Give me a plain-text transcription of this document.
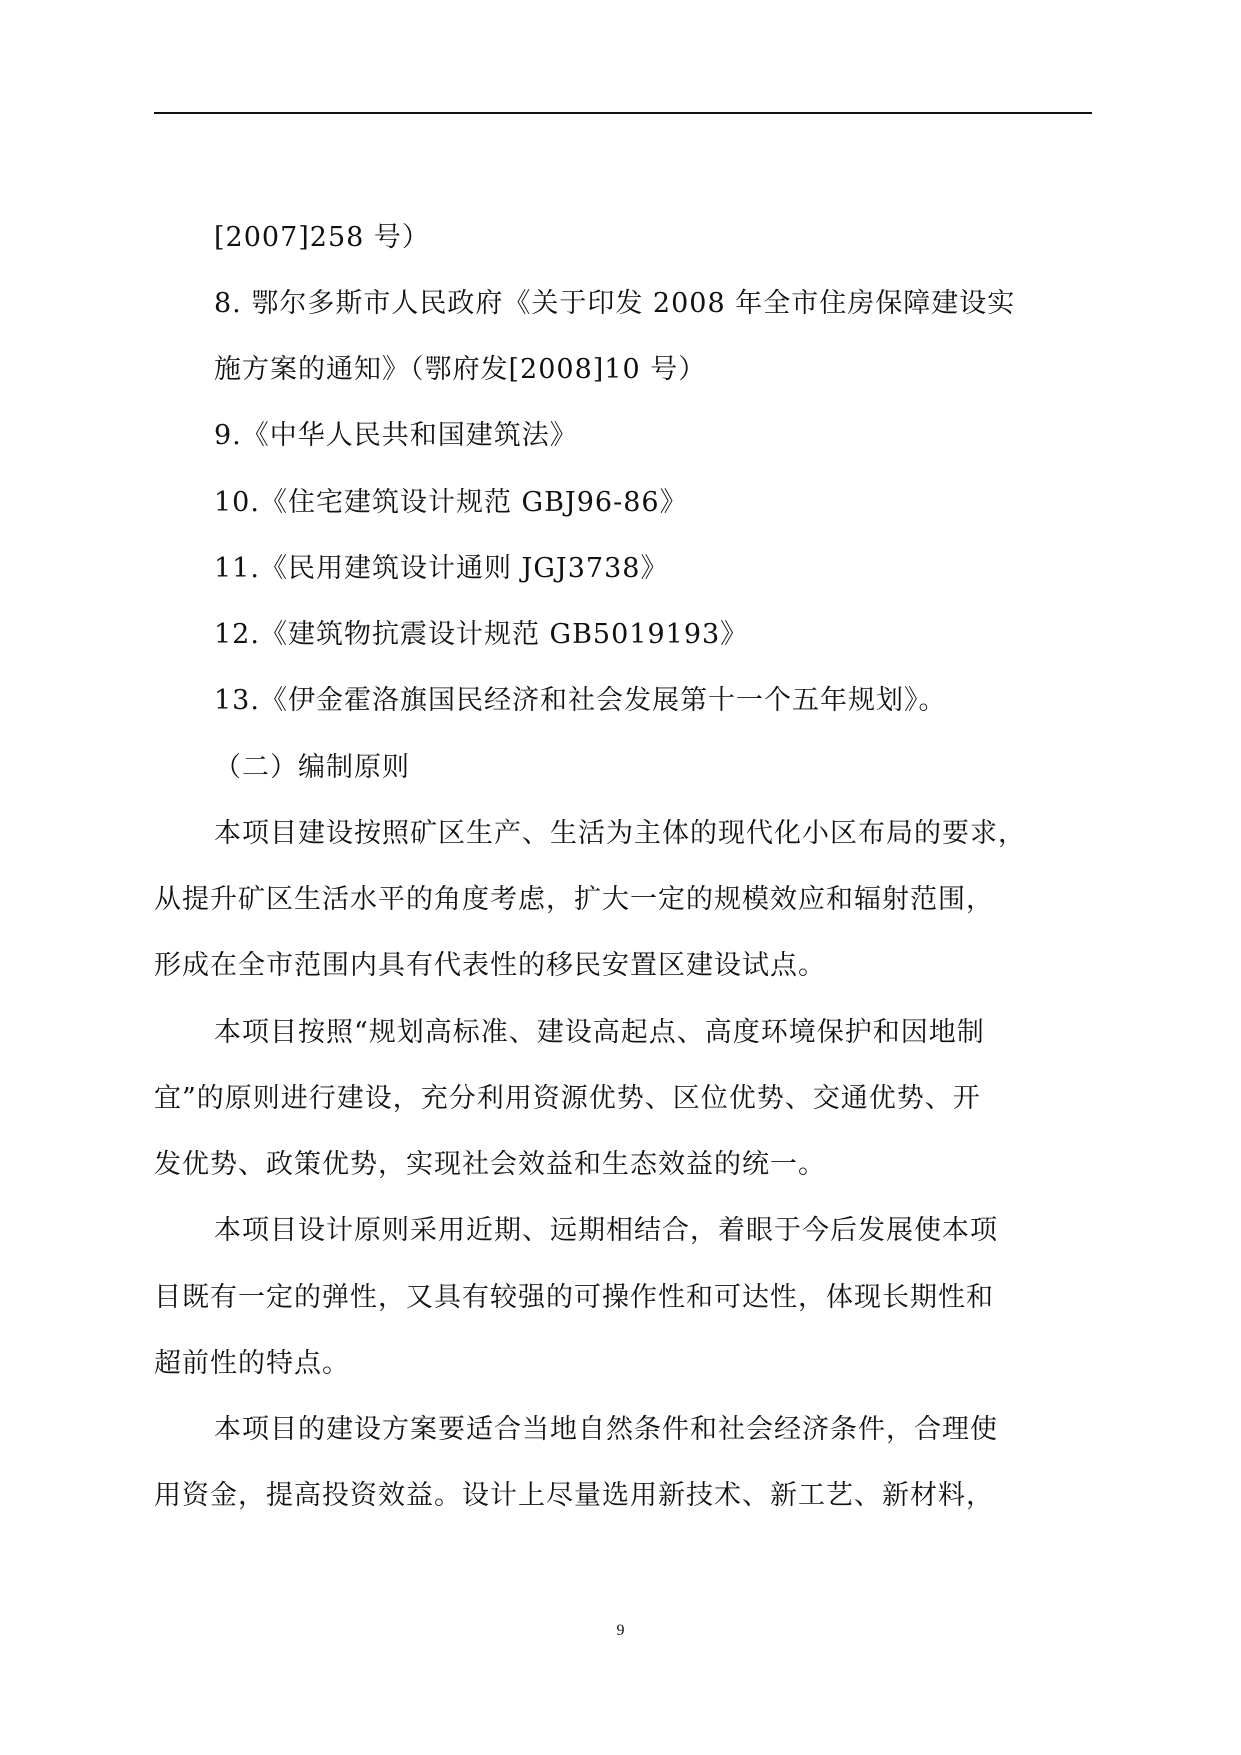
[2007]258 号）
8. 鄂尔多斯市人民政府《关于印发 2008 年全市住房保障建设实
施方案的通知》（鄂府发[2008]10 号）
9.《中华人民共和国建筑法》
10.《住宅建筑设计规范 GBJ96-86》
11.《民用建筑设计通则 JGJ3738》
12.《建筑物抗震设计规范 GB5019193》
13.《伊金霍洛旗国民经济和社会发展第十一个五年规划》。
（二）编制原则
本项目建设按照矿区生产、生活为主体的现代化小区布局的要求，
从提升矿区生活水平的角度考虑，扩大一定的规模效应和辐射范围，
形成在全市范围内具有代表性的移民安置区建设试点。
本项目按照“规划高标准、建设高起点、高度环境保护和因地制
宜”的原则进行建设，充分利用资源优势、区位优势、交通优势、开
发优势、政策优势，实现社会效益和生态效益的统一。
本项目设计原则采用近期、远期相结合，着眼于今后发展使本项
目既有一定的弹性，又具有较强的可操作性和可达性，体现长期性和
超前性的特点。
本项目的建设方案要适合当地自然条件和社会经济条件，合理使
用资金，提高投资效益。设计上尽量选用新技术、新工艺、新材料，
9
